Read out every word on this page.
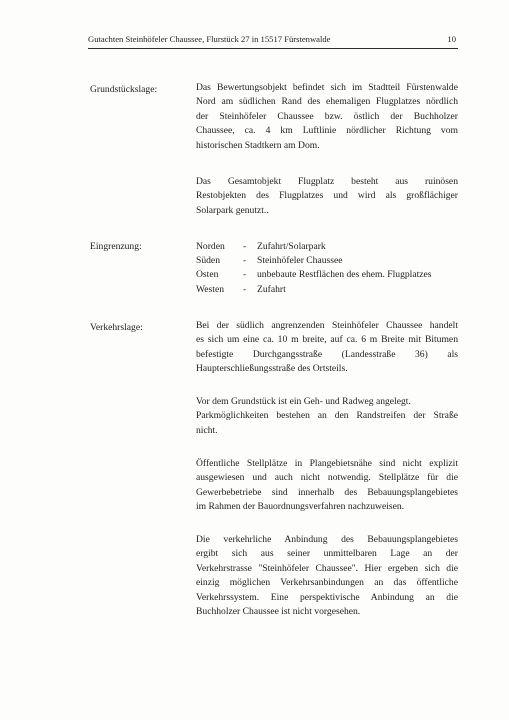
Gutachten Steinhöfeler Chaussee, Flurstück 27 in 15517 Fürstenwalde	10
Grundstückslage:	Das Bewertungsobjekt befindet sich im Stadtteil Fürstenwalde
Nord am südlichen Rand des ehemaligen Flugplatzes nördlich
der Steinhöfeler Chaussee bzw. östlich der Buchholzer
Chaussee, ca. 4 km Luftlinie nördlicher Richtung vom
historischen Stadtkern am Dom.

Das Gesamtobjekt Flugplatz besteht aus ruinösen
Restobjekten des Flugplatzes und wird als großflächiger
Solarpark genutzt..

Eingrenzung:	Norden - Zufahrt/Solarpark
Süden - Steinhöfeler Chaussee
Osten	- unbebaute Restflächen des ehem. Flugplatzes
Westen - Zufahrt
Verkehrslage:	Bei der südlich angrenzenden Steinhöfeler Chaussee handelt
es sich um eine ca. 10 m breite, auf ca. 6 m Breite mit Bitumen
befestigte Durchgangsstraße (Landesstraße 36) als
Haupterschließungsstraße des Ortsteils.

Vor dem Grundstück ist ein Geh- und Radweg angelegt.
Parkmöglichkeiten bestehen an den Randstreifen der Straße
nicht.

Öffentliche Stellplätze in Plangebietsnähe sind nicht explizit
ausgewiesen und auch nicht notwendig. Stellplätze für die
Gewerbebetriebe sind innerhalb des Bebauungsplangebietes
im Rahmen der Bauordnungsverfahren nachzuweisen.

Die verkehrliche Anbindung des Bebauungsplangebietes
ergibt sich aus seiner unmittelbaren Lage an der
Verkehrstrasse "Steinhöfeler Chaussee". Hier ergeben sich die
einzig möglichen Verkehrsanbindungen an das öffentliche
Verkehrssystem. Eine perspektivische Anbindung an die
Buchholzer Chaussee ist nicht vorgesehen.
